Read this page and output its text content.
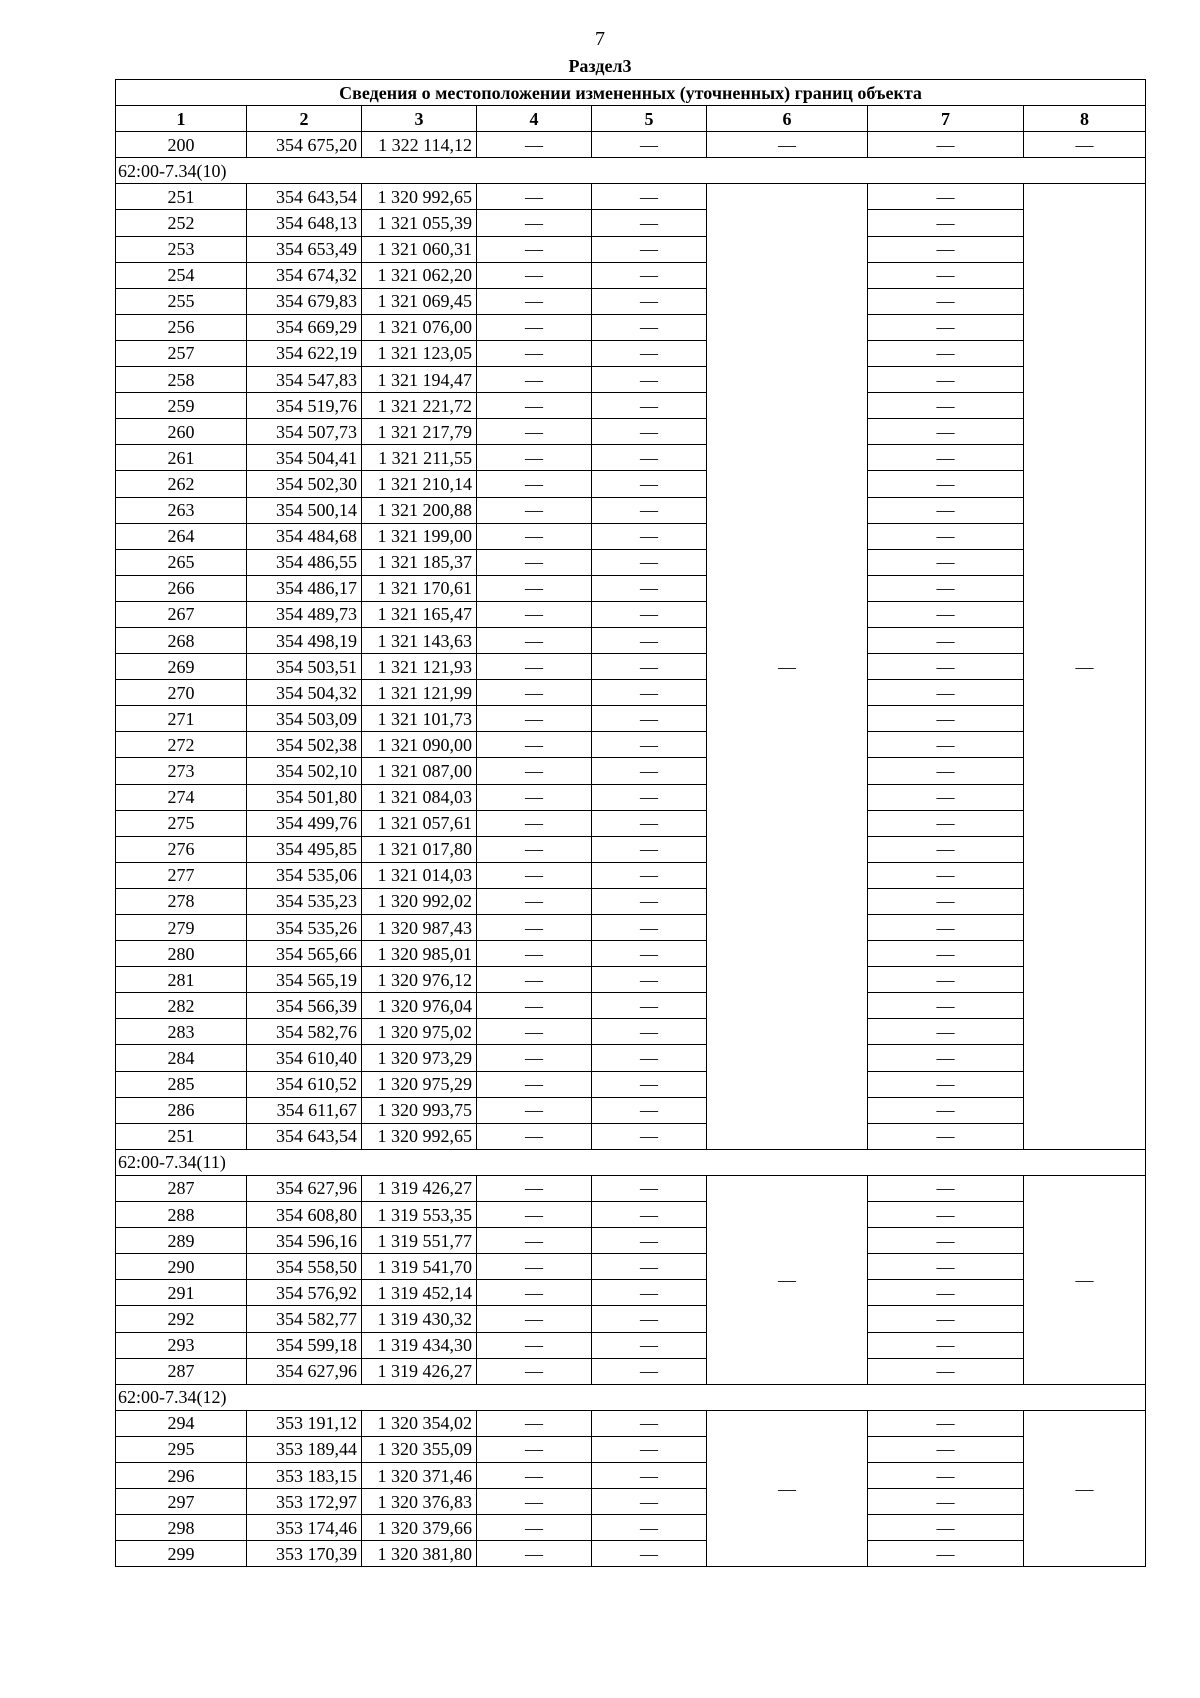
7
Раздел3
Сведения о местоположении измененных (уточненных) границ объекта							
1	2	3	4	5	6	7	8
200	354 675,20	1 322 114,12	—	—	—	—	—
62:00-7.34(10)							
251	354 643,54	1 320 992,65	—	—	—	—	—
252	354 648,13	1 321 055,39	—	—		—	
253	354 653,49	1 321 060,31	—	—		—	
254	354 674,32	1 321 062,20	—	—		—	
255	354 679,83	1 321 069,45	—	—		—	
256	354 669,29	1 321 076,00	—	—		—	
257	354 622,19	1 321 123,05	—	—		—	
258	354 547,83	1 321 194,47	—	—		—	
259	354 519,76	1 321 221,72	—	—		—	
260	354 507,73	1 321 217,79	—	—		—	
261	354 504,41	1 321 211,55	—	—		—	
262	354 502,30	1 321 210,14	—	—		—	
263	354 500,14	1 321 200,88	—	—		—	
264	354 484,68	1 321 199,00	—	—		—	
265	354 486,55	1 321 185,37	—	—		—	
266	354 486,17	1 321 170,61	—	—		—	
267	354 489,73	1 321 165,47	—	—		—	
268	354 498,19	1 321 143,63	—	—		—	
269	354 503,51	1 321 121,93	—	—		—	
270	354 504,32	1 321 121,99	—	—		—	
271	354 503,09	1 321 101,73	—	—		—	
272	354 502,38	1 321 090,00	—	—		—	
273	354 502,10	1 321 087,00	—	—		—	
274	354 501,80	1 321 084,03	—	—		—	
275	354 499,76	1 321 057,61	—	—		—	
276	354 495,85	1 321 017,80	—	—		—	
277	354 535,06	1 321 014,03	—	—		—	
278	354 535,23	1 320 992,02	—	—		—	
279	354 535,26	1 320 987,43	—	—		—	
280	354 565,66	1 320 985,01	—	—		—	
281	354 565,19	1 320 976,12	—	—		—	
282	354 566,39	1 320 976,04	—	—		—	
283	354 582,76	1 320 975,02	—	—		—	
284	354 610,40	1 320 973,29	—	—		—	
285	354 610,52	1 320 975,29	—	—		—	
286	354 611,67	1 320 993,75	—	—		—	
251	354 643,54	1 320 992,65	—	—		—	
62:00-7.34(11)							
287	354 627,96	1 319 426,27	—	—	—	—	—
288	354 608,80	1 319 553,35	—	—		—	
289	354 596,16	1 319 551,77	—	—		—	
290	354 558,50	1 319 541,70	—	—		—	
291	354 576,92	1 319 452,14	—	—		—	
292	354 582,77	1 319 430,32	—	—		—	
293	354 599,18	1 319 434,30	—	—		—	
287	354 627,96	1 319 426,27	—	—		—	
62:00-7.34(12)							
294	353 191,12	1 320 354,02	—	—	—	—	—
295	353 189,44	1 320 355,09	—	—		—	
296	353 183,15	1 320 371,46	—	—		—	
297	353 172,97	1 320 376,83	—	—		—	
298	353 174,46	1 320 379,66	—	—		—	
299	353 170,39	1 320 381,80	—	—		—	
